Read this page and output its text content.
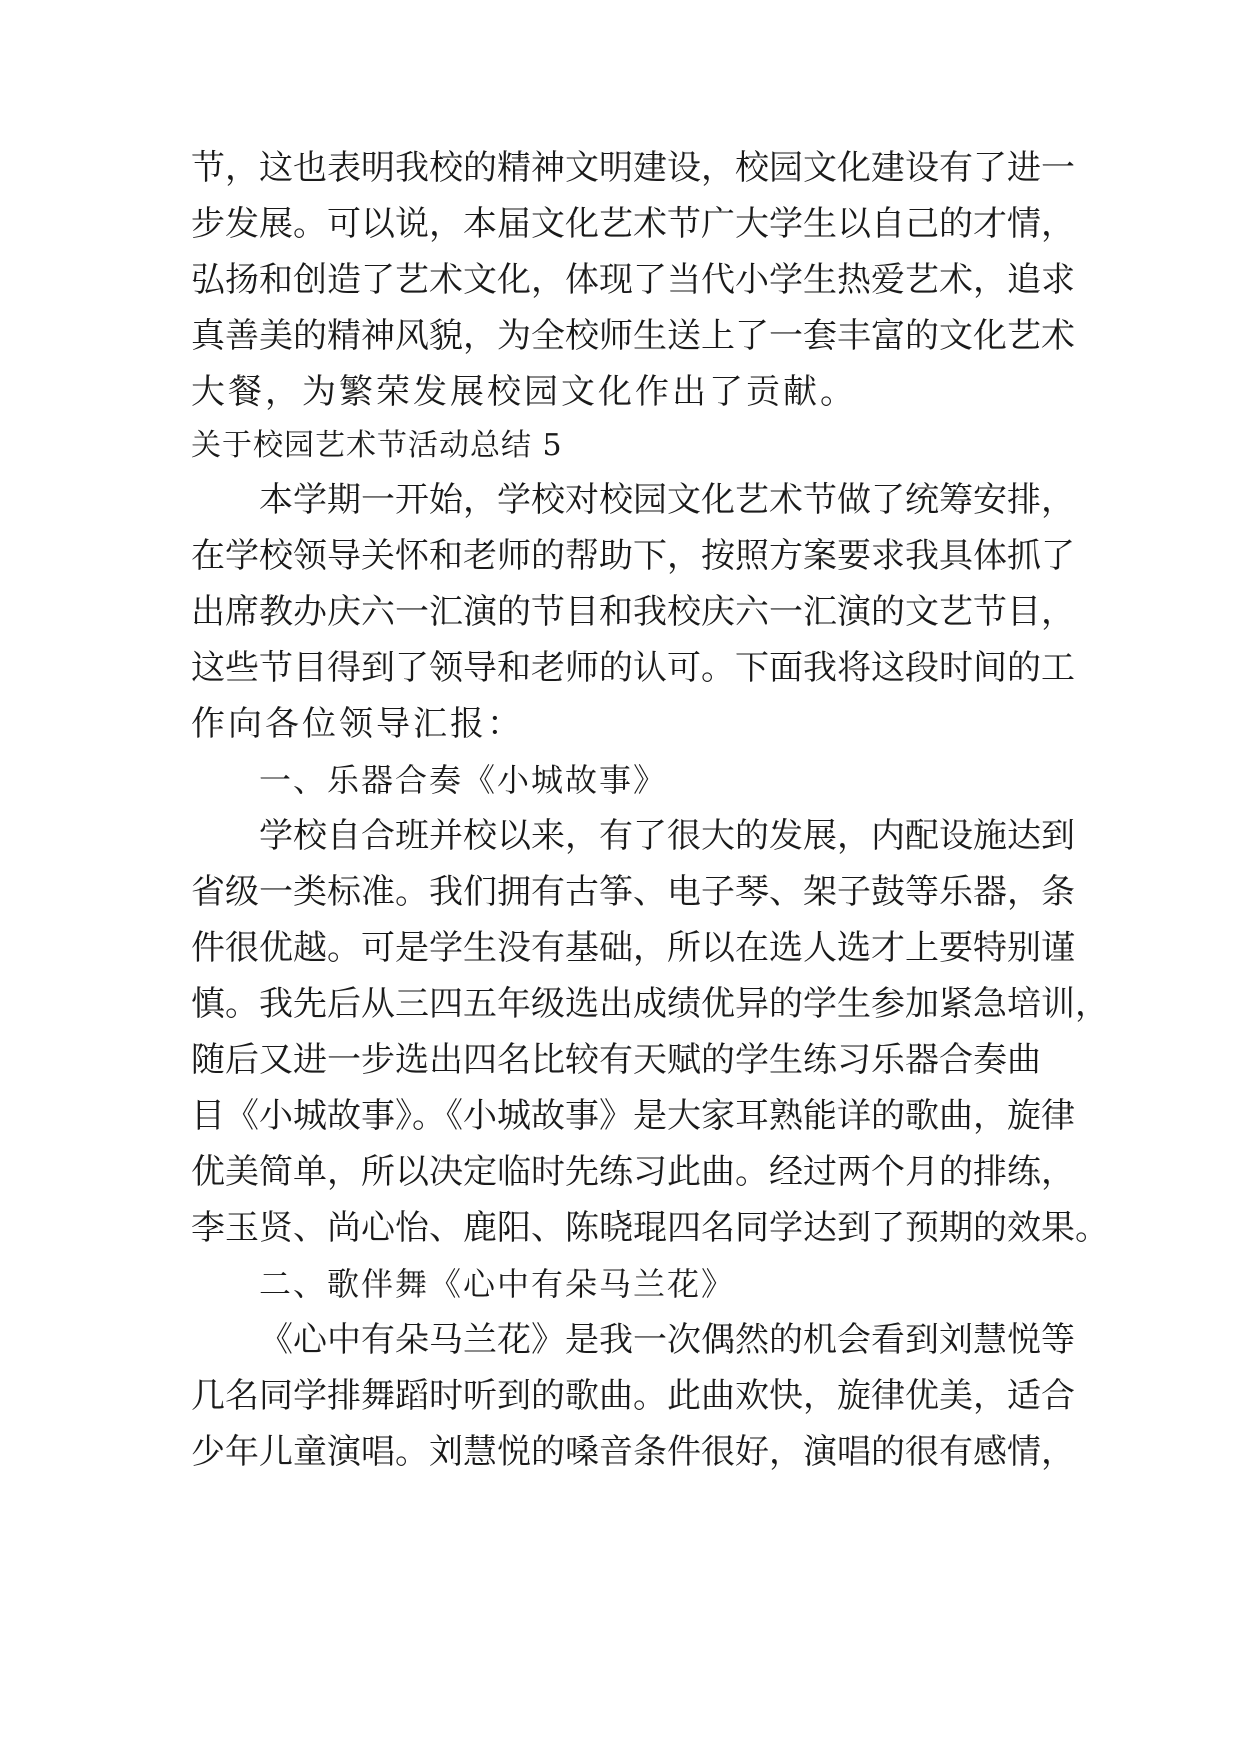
节，这也表明我校的精神文明建设，校园文化建设有了进一
步发展。可以说，本届文化艺术节广大学生以自己的才情，
弘扬和创造了艺术文化，体现了当代小学生热爱艺术，追求
真善美的精神风貌，为全校师生送上了一套丰富的文化艺术
大餐，为繁荣发展校园文化作出了贡献。
关于校园艺术节活动总结 5
本学期一开始，学校对校园文化艺术节做了统筹安排，
在学校领导关怀和老师的帮助下，按照方案要求我具体抓了
出席教办庆六一汇演的节目和我校庆六一汇演的文艺节目，
这些节目得到了领导和老师的认可。下面我将这段时间的工
作向各位领导汇报：
一、乐器合奏《小城故事》
学校自合班并校以来，有了很大的发展，内配设施达到
省级一类标准。我们拥有古筝、电子琴、架子鼓等乐器，条
件很优越。可是学生没有基础，所以在选人选才上要特别谨
慎。我先后从三四五年级选出成绩优异的学生参加紧急培训，
随后又进一步选出四名比较有天赋的学生练习乐器合奏曲
目《小城故事》。《小城故事》是大家耳熟能详的歌曲，旋律
优美简单，所以决定临时先练习此曲。经过两个月的排练，
李玉贤、尚心怡、鹿阳、陈晓琨四名同学达到了预期的效果。
二、歌伴舞《心中有朵马兰花》
《心中有朵马兰花》是我一次偶然的机会看到刘慧悦等
几名同学排舞蹈时听到的歌曲。此曲欢快，旋律优美，适合
少年儿童演唱。刘慧悦的嗓音条件很好，演唱的很有感情，
